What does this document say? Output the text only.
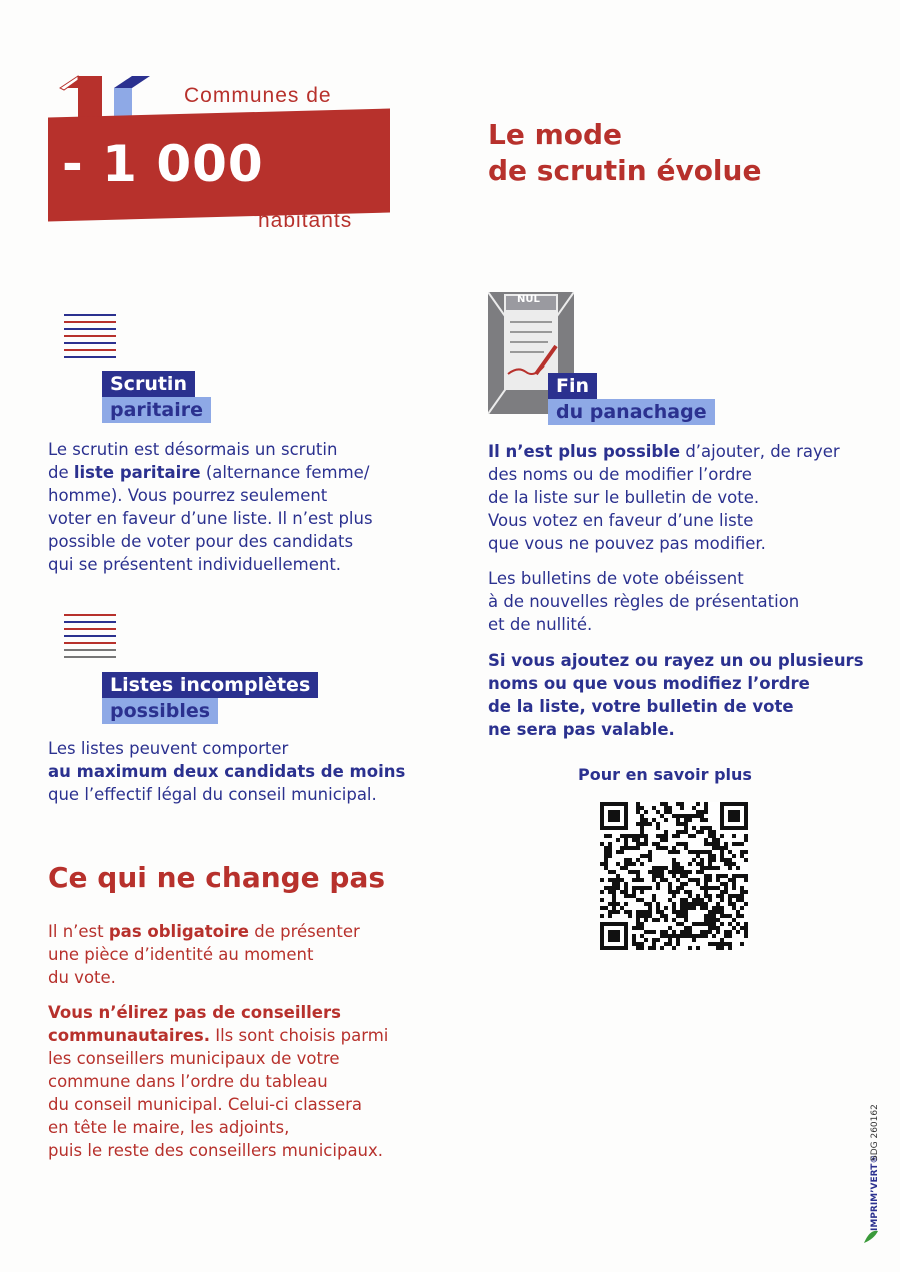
Communes de
- 1 000
habitants
Le mode
de scrutin évolue
Scrutin
paritaire
Le scrutin est désormais un scrutin
de liste paritaire (alternance femme/
homme). Vous pourrez seulement
voter en faveur d’une liste. Il n’est plus
possible de voter pour des candidats
qui se présentent individuellement.
Listes incomplètes
possibles
Les listes peuvent comporter
au maximum deux candidats de moins
que l’effectif légal du conseil municipal.
Ce qui ne change pas
Il n’est pas obligatoire de présenter
une pièce d’identité au moment
du vote.
Vous n’élirez pas de conseillers
communautaires. Ils sont choisis parmi
les conseillers municipaux de votre
commune dans l’ordre du tableau
du conseil municipal. Celui-ci classera
en tête le maire, les adjoints,
puis le reste des conseillers municipaux.
NUL
Fin
du panachage
Il n’est plus possible d’ajouter, de rayer
des noms ou de modifier l’ordre
de la liste sur le bulletin de vote.
Vous votez en faveur d’une liste
que vous ne pouvez pas modifier.
Les bulletins de vote obéissent
à de nouvelles règles de présentation
et de nullité.
Si vous ajoutez ou rayez un ou plusieurs
noms ou que vous modifiez l’ordre
de la liste, votre bulletin de vote
ne sera pas valable.
Pour en savoir plus
IMPRIM’VERT®
SDG 260162
